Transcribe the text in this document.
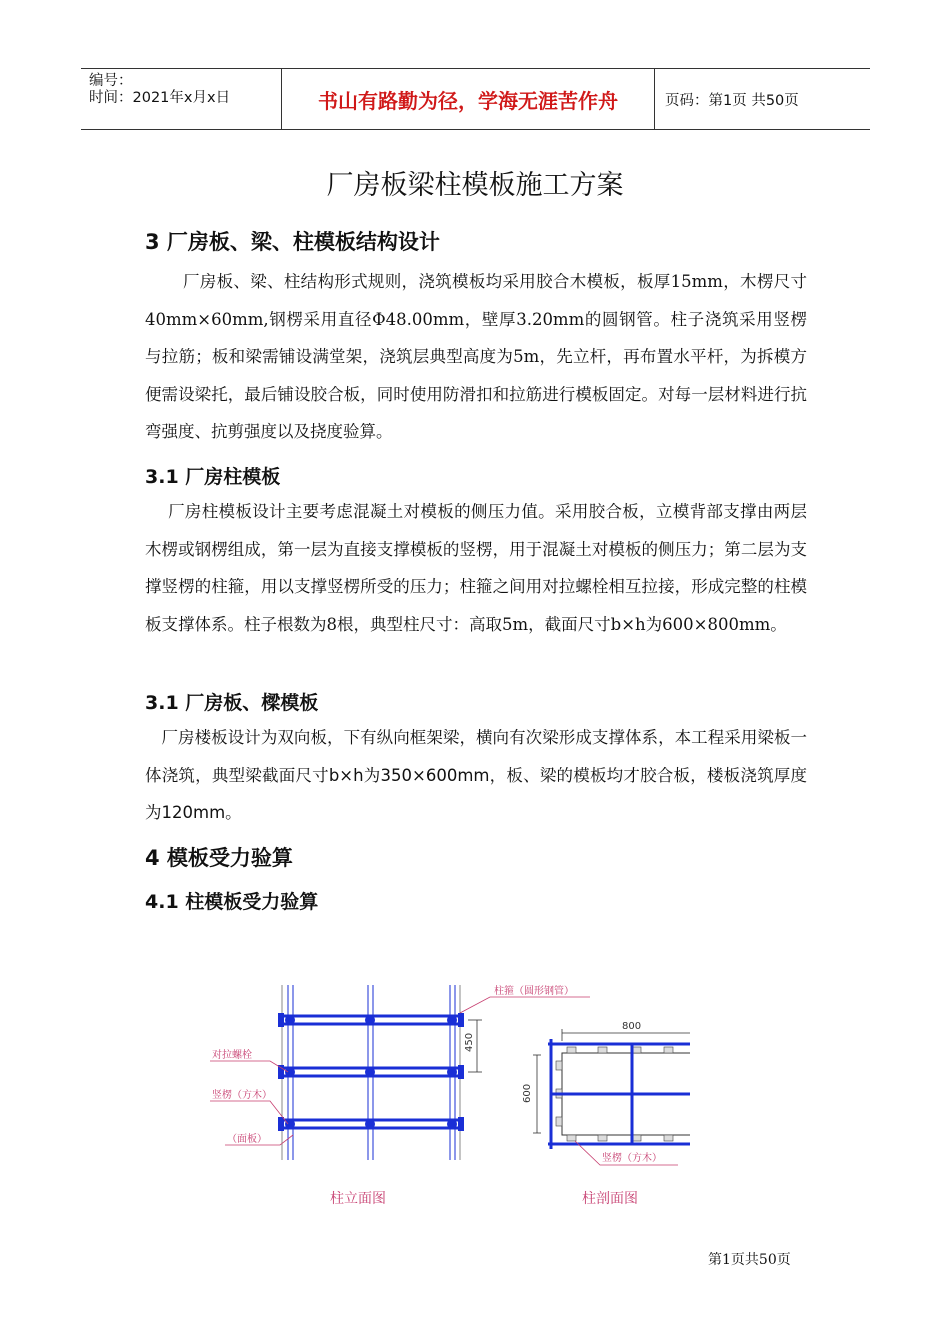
编号：
时间：2021年x月x日	书山有路勤为径，学海无涯苦作舟	页码：第1页 共50页
厂房板梁柱模板施工方案
3 厂房板、梁、柱模板结构设计

厂房板、梁、柱结构形式规则，浇筑模板均采用胶合木模板，板厚15mm，木楞尺寸40mm×60mm,钢楞采用直径Φ48.00mm，壁厚3.20mm的圆钢管。柱子浇筑采用竖楞与拉筋；板和梁需铺设满堂架，浇筑层典型高度为5m，先立杆，再布置水平杆，为拆模方便需设梁托，最后铺设胶合板，同时使用防滑扣和拉筋进行模板固定。对每一层材料进行抗弯强度、抗剪强度以及挠度验算。

3.1 厂房柱模板

厂房柱模板设计主要考虑混凝土对模板的侧压力值。采用胶合板，立模背部支撑由两层木楞或钢楞组成，第一层为直接支撑模板的竖楞，用于混凝土对模板的侧压力；第二层为支撑竖楞的柱箍，用以支撑竖楞所受的压力；柱箍之间用对拉螺栓相互拉接，形成完整的柱模板支撑体系。柱子根数为8根，典型柱尺寸：高取5m，截面尺寸b×h为600×800mm。

3.1 厂房板、樑模板

厂房楼板设计为双向板，下有纵向框架梁，横向有次梁形成支撑体系，本工程采用梁板一体浇筑，典型梁截面尺寸b×h为350×600mm，板、梁的模板均才胶合板，楼板浇筑厚度为120mm。

4 模板受力验算
4.1 柱模板受力验算
450
柱箍（圆形钢管）
对拉螺栓
竖楞（方木）
（面板）
800
600
竖楞（方木）
柱立面图	柱剖面图
第1页共50页
